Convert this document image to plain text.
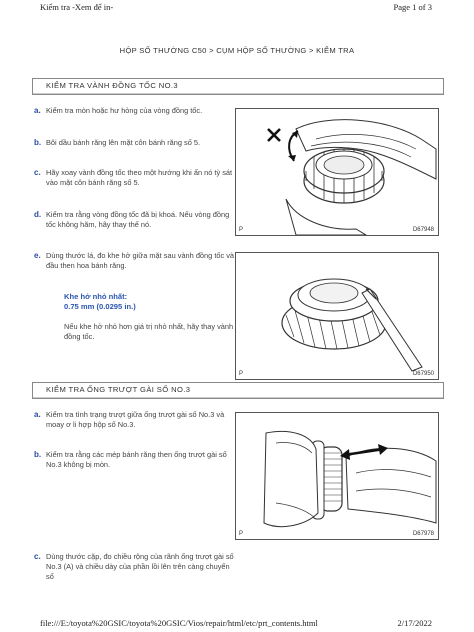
Kiểm tra -Xem để in-	Page 1 of 3
HỘP SỐ THƯỜNG C50 > CỤM HỘP SỐ THƯỜNG > KIỂM TRA
KIỂM TRA VÀNH ĐỒNG TỐC NO.3
a. Kiểm tra mòn hoặc hư hỏng của vòng đồng tốc.
b. Bôi dầu bánh răng lên mặt côn bánh răng số 5.
c. Hãy xoay vành đồng tốc theo một hướng khi ấn nó tỳ sát vào mặt côn bánh răng số 5.
d. Kiểm tra rằng vòng đồng tốc đã bị khoá. Nếu vòng đồng tốc không hãm, hãy thay thế nó.
e. Dùng thước lá, đo khe hở giữa mặt sau vành đồng tốc và đầu then hoa bánh răng.
Khe hở nhỏ nhất:
0.75 mm (0.0295 in.)
Nếu khe hở nhỏ hơn giá trị nhỏ nhất, hãy thay vành đồng tốc.
P	D67948
P	D67950
KIỂM TRA ỐNG TRƯỢT GÀI SỐ NO.3
a. Kiểm tra tình trạng trượt giữa ống trượt gài số No.3 và moay ơ li hợp hộp số No.3.
b. Kiểm tra rằng các mép bánh răng then ống trượt gài số No.3 không bị mòn.
c. Dùng thước cặp, đo chiều rộng của rãnh ống trượt gài số No.3 (A) và chiều dày của phần lồi lên trên càng chuyển số
P	D67978
file:///E:/toyota%20GSIC/toyota%20GSIC/Vios/repair/html/etc/prt_contents.html	2/17/2022
